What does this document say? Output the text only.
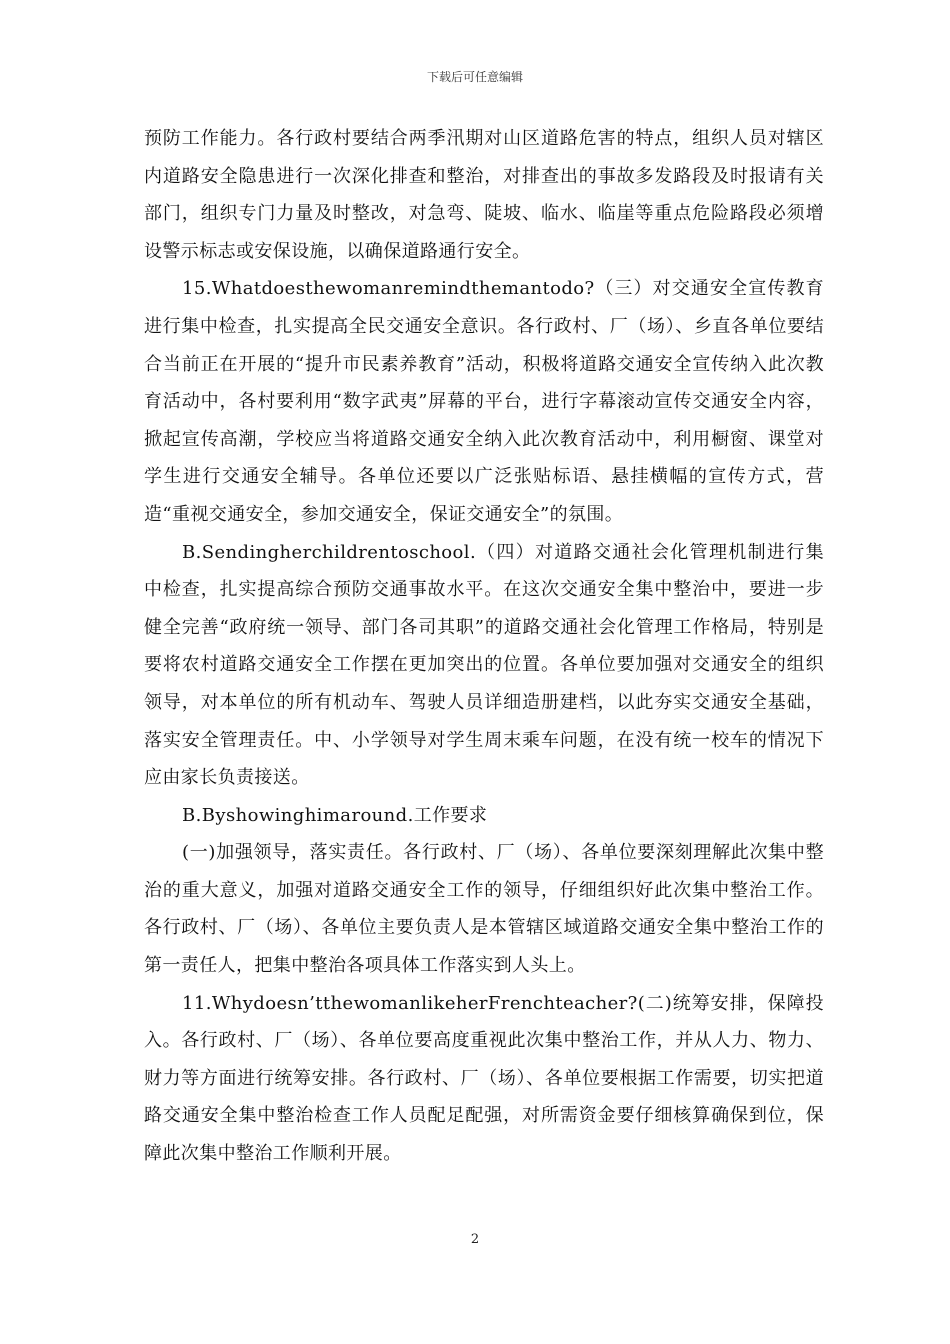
下载后可任意编辑

预防工作能力。各行政村要结合两季汛期对山区道路危害的特点，组织人员对辖区内道路安全隐患进行一次深化排查和整治，对排查出的事故多发路段及时报请有关部门，组织专门力量及时整改，对急弯、陡坡、临水、临崖等重点危险路段必须增设警示标志或安保设施，以确保道路通行安全。

15.Whatdoesthewomanremindthemantodo?（三）对交通安全宣传教育进行集中检查，扎实提高全民交通安全意识。各行政村、厂（场）、乡直各单位要结合当前正在开展的“提升市民素养教育”活动，积极将道路交通安全宣传纳入此次教育活动中，各村要利用“数字武夷”屏幕的平台，进行字幕滚动宣传交通安全内容，掀起宣传高潮，学校应当将道路交通安全纳入此次教育活动中，利用橱窗、课堂对学生进行交通安全辅导。各单位还要以广泛张贴标语、悬挂横幅的宣传方式，营造“重视交通安全，参加交通安全，保证交通安全”的氛围。

B.Sendingherchildrentoschool.（四）对道路交通社会化管理机制进行集中检查，扎实提高综合预防交通事故水平。在这次交通安全集中整治中，要进一步健全完善“政府统一领导、部门各司其职”的道路交通社会化管理工作格局，特别是要将农村道路交通安全工作摆在更加突出的位置。各单位要加强对交通安全的组织领导，对本单位的所有机动车、驾驶人员详细造册建档，以此夯实交通安全基础，落实安全管理责任。中、小学领导对学生周末乘车问题，在没有统一校车的情况下应由家长负责接送。

B.Byshowinghimaround.工作要求

(一)加强领导，落实责任。各行政村、厂（场）、各单位要深刻理解此次集中整治的重大意义，加强对道路交通安全工作的领导，仔细组织好此次集中整治工作。各行政村、厂（场）、各单位主要负责人是本管辖区域道路交通安全集中整治工作的第一责任人，把集中整治各项具体工作落实到人头上。

11.Whydoesn’tthewomanlikeherFrenchteacher?(二)统筹安排，保障投入。各行政村、厂（场）、各单位要高度重视此次集中整治工作，并从人力、物力、财力等方面进行统筹安排。各行政村、厂（场）、各单位要根据工作需要，切实把道路交通安全集中整治检查工作人员配足配强，对所需资金要仔细核算确保到位，保障此次集中整治工作顺利开展。

2
